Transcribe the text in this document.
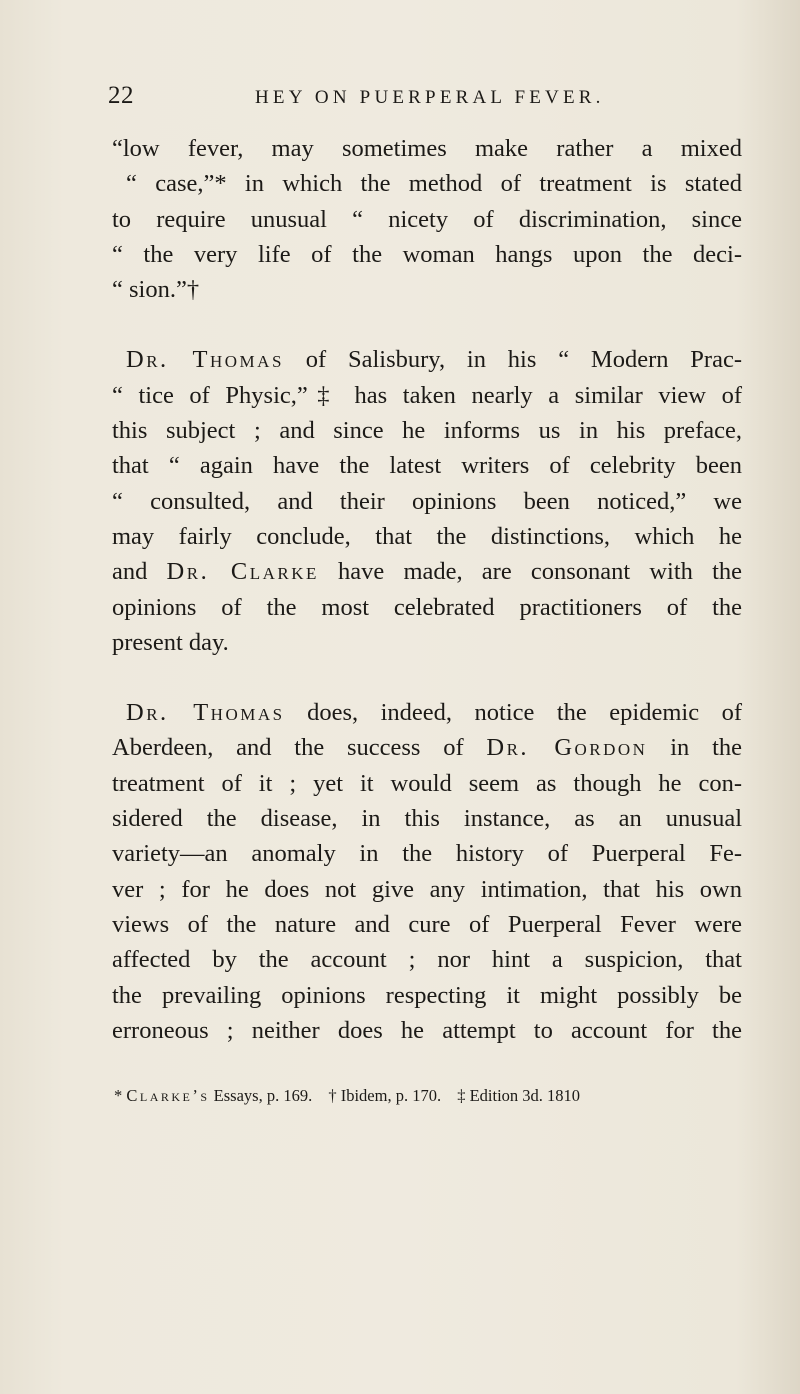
22	HEY ON PUERPERAL FEVER.
“low fever, may sometimes make rather a mixed
“ case,”* in which the method of treatment is stated
to require unusual “ nicety of discrimination, since
“ the very life of the woman hangs upon the deci-
“ sion.”†
Dr. Thomas of Salisbury, in his “ Modern Prac-
“ tice of Physic,”‡ has taken nearly a similar view of
this subject ; and since he informs us in his preface,
that “ again have the latest writers of celebrity been
“ consulted, and their opinions been noticed,” we
may fairly conclude, that the distinctions, which he
and Dr. Clarke have made, are consonant with the
opinions of the most celebrated practitioners of the
present day.
Dr. Thomas does, indeed, notice the epidemic of
Aberdeen, and the success of Dr. Gordon in the
treatment of it ; yet it would seem as though he con-
sidered the disease, in this instance, as an unusual
variety—an anomaly in the history of Puerperal Fe-
ver ; for he does not give any intimation, that his own
views of the nature and cure of Puerperal Fever were
affected by the account ; nor hint a suspicion, that
the prevailing opinions respecting it might possibly be
erroneous ; neither does he attempt to account for the
* Clarke’s Essays, p. 169. † Ibidem, p. 170. ‡ Edition 3d. 1810
